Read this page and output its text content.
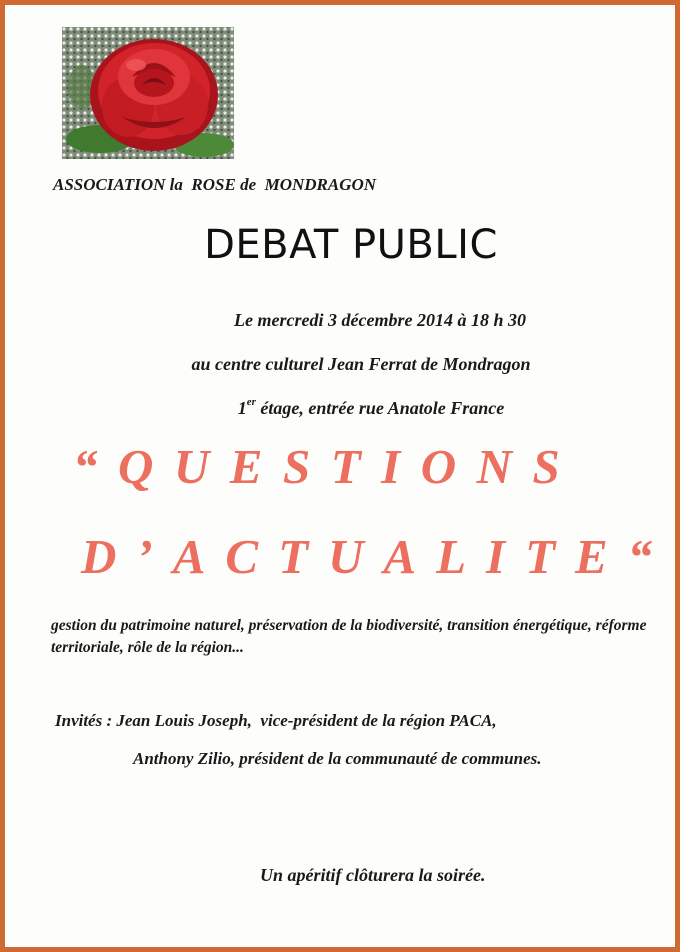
ASSOCIATION la  ROSE de  MONDRAGON
DEBAT PUBLIC
Le mercredi 3 décembre 2014 à 18 h 30
au centre culturel Jean Ferrat de Mondragon
1er étage, entrée rue Anatole France
“QUESTIONS
D’ACTUALITE“
gestion du patrimoine naturel, préservation de la biodiversité, transition énergétique, réforme territoriale, rôle de la région...
Invités : Jean Louis Joseph,  vice-président de la région PACA,
Anthony Zilio, président de la communauté de communes.
Un apéritif clôturera la soirée.
